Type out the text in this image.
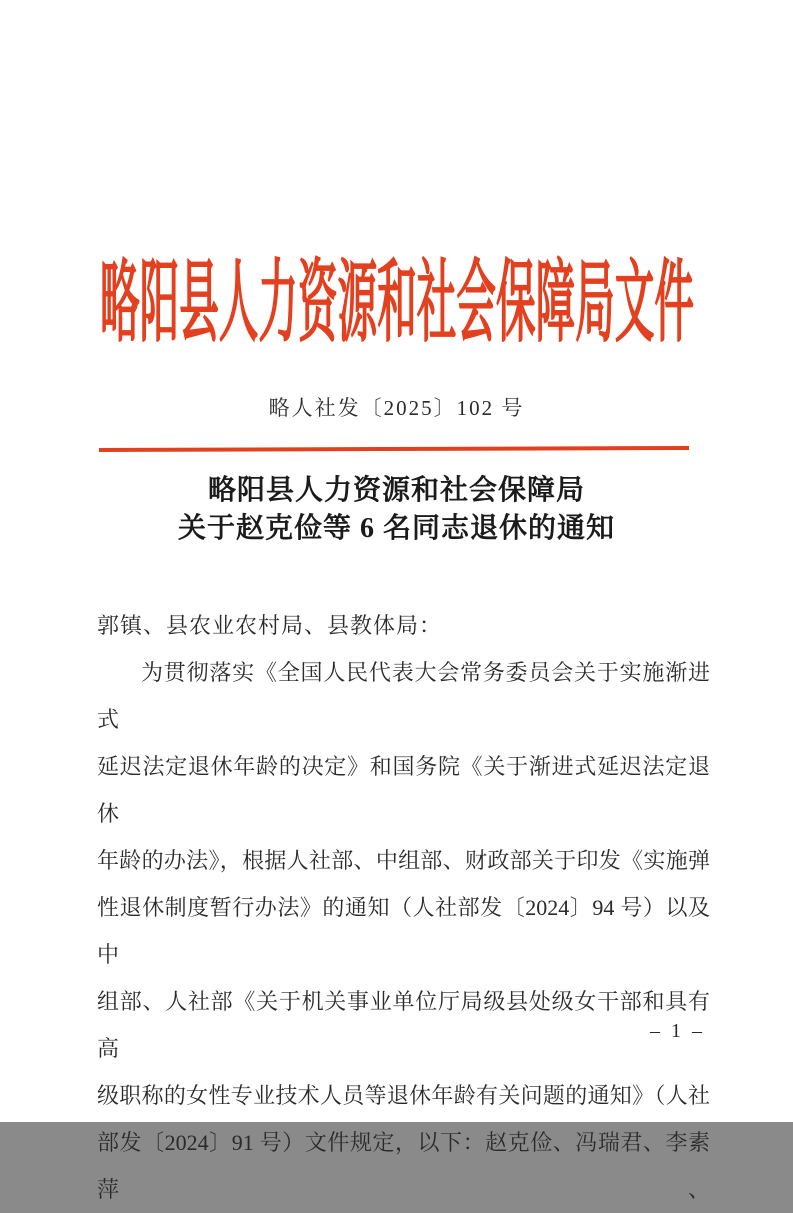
略阳县人力资源和社会保障局文件
略人社发〔2025〕102 号
略阳县人力资源和社会保障局
关于赵克俭等 6 名同志退休的通知
郭镇、县农业农村局、县教体局：
为贯彻落实《全国人民代表大会常务委员会关于实施渐进式
延迟法定退休年龄的决定》和国务院《关于渐进式延迟法定退休
年龄的办法》，根据人社部、中组部、财政部关于印发《实施弹
性退休制度暂行办法》的通知（人社部发〔2024〕94 号）以及中
组部、人社部《关于机关事业单位厅局级县处级女干部和具有高
级职称的女性专业技术人员等退休年龄有关问题的通知》（人社
部发〔2024〕91 号）文件规定，以下：赵克俭、冯瑞君、李素萍、
– 1 –
